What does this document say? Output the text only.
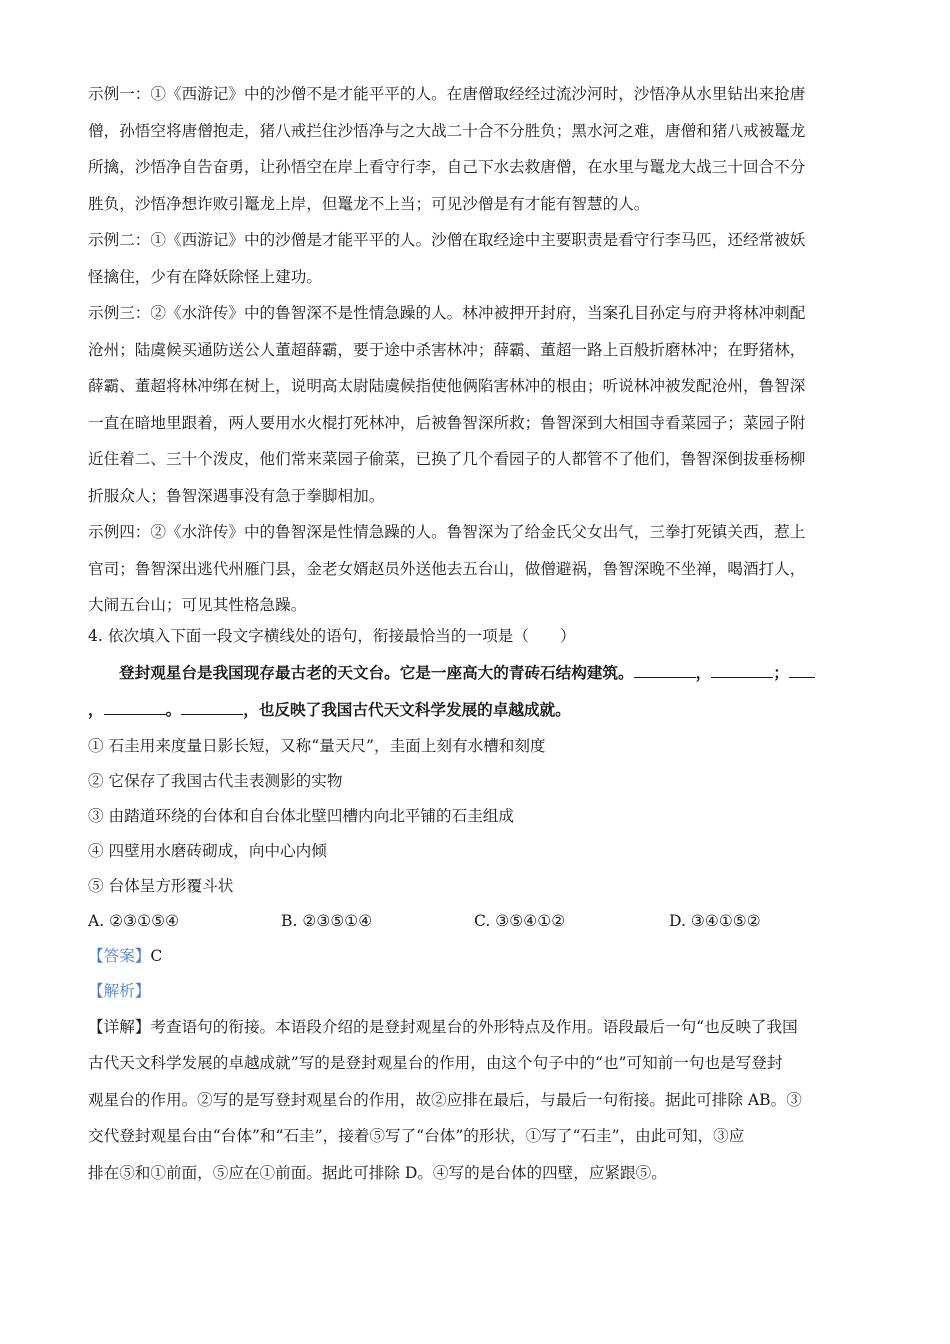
示例一：①《西游记》中的沙僧不是才能平平的人。在唐僧取经经过流沙河时，沙悟净从水里钻出来抢唐
僧，孙悟空将唐僧抱走，猪八戒拦住沙悟净与之大战二十合不分胜负；黑水河之难，唐僧和猪八戒被鼍龙
所擒，沙悟净自告奋勇，让孙悟空在岸上看守行李，自己下水去救唐僧，在水里与鼍龙大战三十回合不分
胜负，沙悟净想诈败引鼍龙上岸，但鼍龙不上当；可见沙僧是有才能有智慧的人。
示例二：①《西游记》中的沙僧是才能平平的人。沙僧在取经途中主要职责是看守行李马匹，还经常被妖
怪擒住，少有在降妖除怪上建功。
示例三：②《水浒传》中的鲁智深不是性情急躁的人。林冲被押开封府，当案孔目孙定与府尹将林冲刺配
沧州；陆虞候买通防送公人董超薛霸，要于途中杀害林冲；薛霸、董超一路上百般折磨林冲；在野猪林，
薛霸、董超将林冲绑在树上，说明高太尉陆虞候指使他俩陷害林冲的根由；听说林冲被发配沧州，鲁智深
一直在暗地里跟着，两人要用水火棍打死林冲，后被鲁智深所救；鲁智深到大相国寺看菜园子；菜园子附
近住着二、三十个泼皮，他们常来菜园子偷菜，已换了几个看园子的人都管不了他们，鲁智深倒拔垂杨柳
折服众人；鲁智深遇事没有急于拳脚相加。
示例四：②《水浒传》中的鲁智深是性情急躁的人。鲁智深为了给金氏父女出气，三拳打死镇关西，惹上
官司；鲁智深出逃代州雁门县，金老女婿赵员外送他去五台山，做僧避祸，鲁智深晚不坐禅，喝酒打人，
大闹五台山；可见其性格急躁。
4. 依次填入下面一段文字横线处的语句，衔接最恰当的一项是（　　）
登封观星台是我国现存最古老的天文台。它是一座高大的青砖石结构建筑。	，	；
，	。	，也反映了我国古代天文科学发展的卓越成就。
① 石圭用来度量日影长短，又称“量天尺”，圭面上刻有水槽和刻度
② 它保存了我国古代圭表测影的实物
③ 由踏道环绕的台体和自台体北壁凹槽内向北平铺的石圭组成
④ 四壁用水磨砖砌成，向中心内倾
⑤ 台体呈方形覆斗状
A. ②③①⑤④	B. ②③⑤①④	C. ③⑤④①②	D. ③④①⑤②
【答案】C
【解析】
【详解】考查语句的衔接。本语段介绍的是登封观星台的外形特点及作用。语段最后一句“也反映了我国
古代天文科学发展的卓越成就”写的是登封观星台的作用，由这个句子中的“也”可知前一句也是写登封
观星台的作用。②写的是写登封观星台的作用，故②应排在最后，与最后一句衔接。据此可排除 AB。③
交代登封观星台由“台体”和“石圭”，接着⑤写了“台体”的形状，①写了“石圭”，由此可知，③应
排在⑤和①前面，⑤应在①前面。据此可排除 D。④写的是台体的四壁，应紧跟⑤。
